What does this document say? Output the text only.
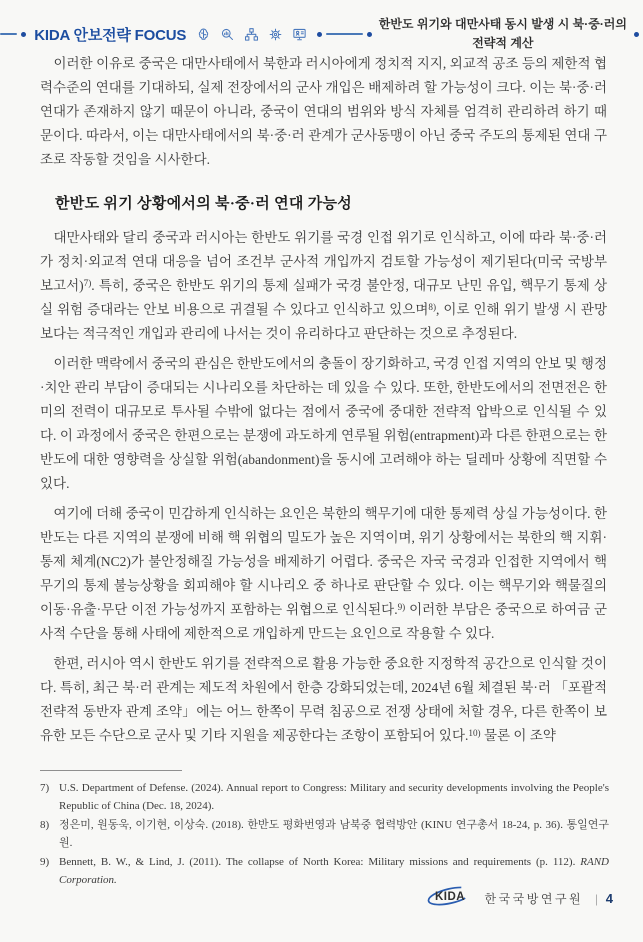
KIDA 안보전략 FOCUS
한반도 위기와 대만사태 동시 발생 시 북·중·러의
전략적 계산

이러한 이유로 중국은 대만사태에서 북한과 러시아에게 정치적 지지, 외교적 공조 등의 제한적 협력수준의 연대를 기대하되, 실제 전장에서의 군사 개입은 배제하려 할 가능성이 크다. 이는 북·중·러 연대가 존재하지 않기 때문이 아니라, 중국이 연대의 범위와 방식 자체를 엄격히 관리하려 하기 때문이다. 따라서, 이는 대만사태에서의 북·중·러 관계가 군사동맹이 아닌 중국 주도의 통제된 연대 구조로 작동할 것임을 시사한다.

한반도 위기 상황에서의 북·중·러 연대 가능성

대만사태와 달리 중국과 러시아는 한반도 위기를 국경 인접 위기로 인식하고, 이에 따라 북·중·러가 정치·외교적 연대 대응을 넘어 조건부 군사적 개입까지 검토할 가능성이 제기된다(미국 국방부 보고서)$^{7)}$. 특히, 중국은 한반도 위기의 통제 실패가 국경 불안정, 대규모 난민 유입, 핵무기 통제 상실 위험 증대라는 안보 비용으로 귀결될 수 있다고 인식하고 있으며$^{8)}$, 이로 인해 위기 발생 시 관망보다는 적극적인 개입과 관리에 나서는 것이 유리하다고 판단하는 것으로 추정된다.

이러한 맥락에서 중국의 관심은 한반도에서의 충돌이 장기화하고, 국경 인접 지역의 안보 및 행정·치안 관리 부담이 증대되는 시나리오를 차단하는 데 있을 수 있다. 또한, 한반도에서의 전면전은 한미의 전력이 대규모로 투사될 수밖에 없다는 점에서 중국에 중대한 전략적 압박으로 인식될 수 있다. 이 과정에서 중국은 한편으로는 분쟁에 과도하게 연루될 위험(entrapment)과 다른 한편으로는 한반도에 대한 영향력을 상실할 위험(abandonment)을 동시에 고려해야 하는 딜레마 상황에 직면할 수 있다.

여기에 더해 중국이 민감하게 인식하는 요인은 북한의 핵무기에 대한 통제력 상실 가능성이다. 한반도는 다른 지역의 분쟁에 비해 핵 위협의 밀도가 높은 지역이며, 위기 상황에서는 북한의 핵 지휘·통제 체계(NC2)가 불안정해질 가능성을 배제하기 어렵다. 중국은 자국 국경과 인접한 지역에서 핵무기의 통제 불능상황을 회피해야 할 시나리오 중 하나로 판단할 수 있다. 이는 핵무기와 핵물질의 이동·유출·무단 이전 가능성까지 포함하는 위협으로 인식된다.$^{9)}$ 이러한 부담은 중국으로 하여금 군사적 수단을 통해 사태에 제한적으로 개입하게 만드는 요인으로 작용할 수 있다.

한편, 러시아 역시 한반도 위기를 전략적으로 활용 가능한 중요한 지정학적 공간으로 인식할 것이다. 특히, 최근 북·러 관계는 제도적 차원에서 한층 강화되었는데, 2024년 6월 체결된 북·러 「포괄적 전략적 동반자 관계 조약」에는 어느 한쪽이 무력 침공으로 전쟁 상태에 처할 경우, 다른 한쪽이 보유한 모든 수단으로 군사 및 기타 지원을 제공한다는 조항이 포함되어 있다.$^{10)}$ 물론 이 조약

7) U.S. Department of Defense. (2024). Annual report to Congress: Military and security developments involving the People's Republic of China (Dec. 18, 2024).
8) 정은미, 원동욱, 이기현, 이상숙. (2018). 한반도 평화번영과 남북중 협력방안 (KINU 연구총서 18-24, p. 36). 통일연구원.
9) Bennett, B. W., & Lind, J. (2011). The collapse of North Korea: Military missions and requirements (p. 112). RAND Corporation.
KIDA 한국국방연구원 | 4
